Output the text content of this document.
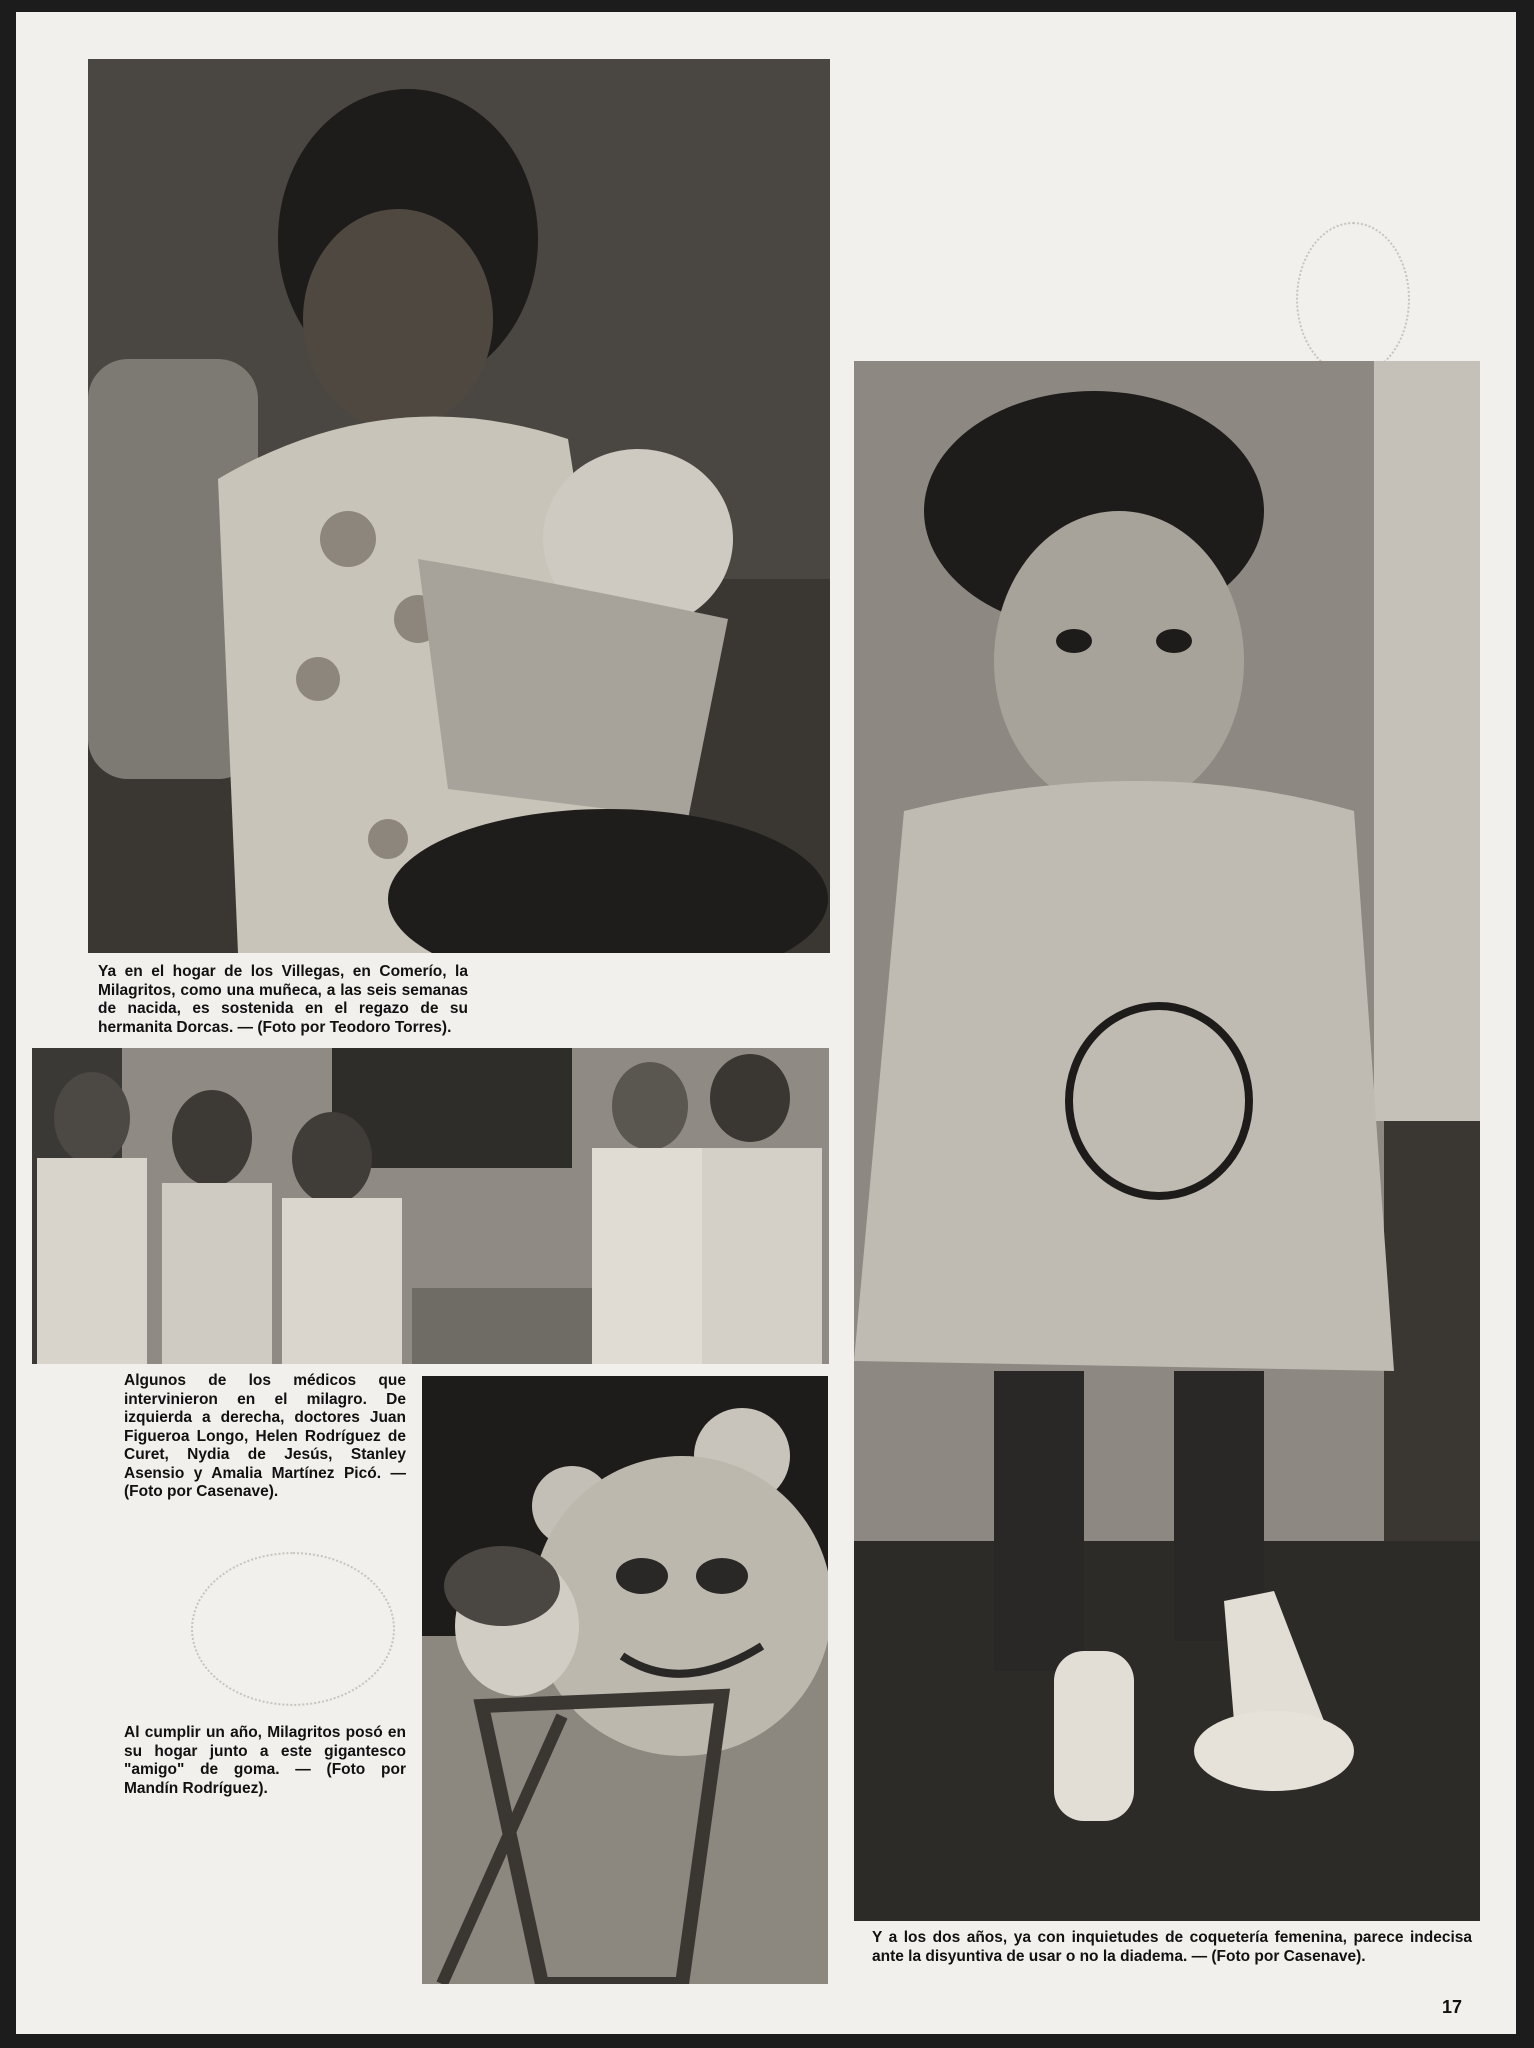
Ya en el hogar de los Villegas, en Comerío, la Milagritos, como una muñeca, a las seis semanas de nacida, es sostenida en el regazo de su hermanita Dorcas. — (Foto por Teodoro Torres).

Algunos de los médicos que intervinieron en el milagro. De izquierda a derecha, doctores Juan Figueroa Longo, Helen Rodríguez de Curet, Nydia de Jesús, Stanley Asensio y Amalia Martínez Picó. — (Foto por Casenave).

Al cumplir un año, Milagritos posó en su hogar junto a este gigantesco "amigo" de goma. — (Foto por Mandín Rodríguez).

Y a los dos años, ya con inquietudes de coquetería femenina, parece indecisa ante la disyuntiva de usar o no la diadema. — (Foto por Casenave).

17
